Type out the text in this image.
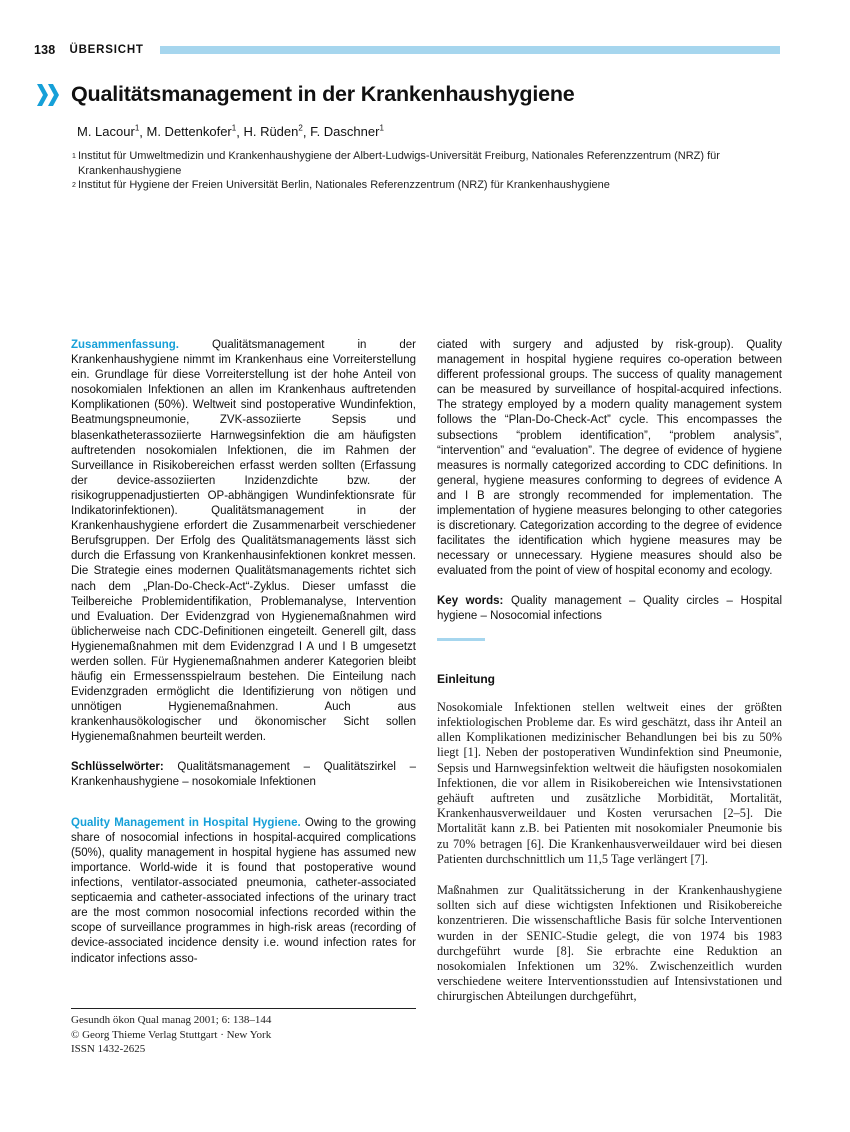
138 ÜBERSICHT
Qualitätsmanagement in der Krankenhaushygiene
M. Lacour$^1$, M. Dettenkofer$^1$, H. Rüden$^2$, F. Daschner$^1$
1 Institut für Umweltmedizin und Krankenhaushygiene der Albert-Ludwigs-Universität Freiburg, Nationales Referenzzentrum (NRZ) für Krankenhaushygiene
2 Institut für Hygiene der Freien Universität Berlin, Nationales Referenzzentrum (NRZ) für Krankenhaushygiene

Zusammenfassung.	Qualitätsmanagement in der Krankenhaushygiene nimmt im Krankenhaus eine Vorreiterstellung ein. Grundlage für diese Vorreiterstellung ist der hohe Anteil von nosokomialen Infektionen an allen im Krankenhaus auftretenden Komplikationen (50%). Weltweit sind postoperative Wundinfektion, Beatmungspneumonie, ZVK-assoziierte Sepsis und blasenkatheterassoziierte Harnwegsinfektion die am häufigsten auftretenden nosokomialen Infektionen, die im Rahmen der Surveillance in Risikobereichen erfasst werden sollten (Erfassung der device-assoziierten Inzidenzdichte bzw. der risikogruppenadjustierten OP-abhängigen Wundinfektionsrate für Indikatorinfektionen). Qualitätsmanagement in der Krankenhaushygiene erfordert die Zusammenarbeit verschiedener Berufsgruppen. Der Erfolg des Qualitätsmanagements lässt sich durch die Erfassung von Krankenhausinfektionen konkret messen. Die Strategie eines modernen Qualitätsmanagements richtet sich nach dem „Plan-Do-Check-Act“-Zyklus. Dieser umfasst die Teilbereiche Problemidentifikation, Problemanalyse, Intervention und Evaluation. Der Evidenzgrad von Hygienemaßnahmen wird üblicherweise nach CDC-Definitionen eingeteilt. Generell gilt, dass Hygienemaßnahmen mit dem Evidenzgrad I A und I B umgesetzt werden sollen. Für Hygienemaßnahmen anderer Kategorien bleibt häufig ein Ermessensspielraum bestehen. Die Einteilung nach Evidenzgraden ermöglicht die Identifizierung von nötigen und unnötigen Hygienemaßnahmen. Auch aus krankenhausökologischer und ökonomischer Sicht sollen Hygienemaßnahmen beurteilt werden.

Schlüsselwörter: Qualitätsmanagement – Qualitätszirkel – Krankenhaushygiene – nosokomiale Infektionen

Quality Management in Hospital Hygiene. Owing to the growing share of nosocomial infections in hospital-acquired complications (50%), quality management in hospital hygiene has assumed new importance. World-wide it is found that postoperative wound infections, ventilator-associated pneumonia, catheter-associated septicaemia and catheter-associated infections of the urinary tract are the most common nosocomial infections recorded within the scope of surveillance programmes in high-risk areas (recording of device-associated incidence density i.e. wound infection rates for indicator infections asso-

ciated with surgery and adjusted by risk-group). Quality management in hospital hygiene requires co-operation between different professional groups. The success of quality management can be measured by surveillance of hospital-acquired infections. The strategy employed by a modern quality management system follows the “Plan-Do-Check-Act” cycle. This encompasses the subsections “problem identification”, “problem analysis”, “intervention” and “evaluation”. The degree of evidence of hygiene measures is normally categorized according to CDC definitions. In general, hygiene measures conforming to degrees of evidence A and I B are strongly recommended for implementation. The implementation of hygiene measures belonging to other categories is discretionary. Categorization according to the degree of evidence facilitates the identification which hygiene measures may be necessary or unnecessary. Hygiene measures should also be evaluated from the point of view of hospital economy and ecology.

Key words: Quality management – Quality circles – Hospital hygiene – Nosocomial infections

Einleitung

Nosokomiale Infektionen stellen weltweit eines der größten infektiologischen Probleme dar. Es wird geschätzt, dass ihr Anteil an allen Komplikationen medizinischer Behandlungen bei bis zu 50% liegt [1]. Neben der postoperativen Wundinfektion sind Pneumonie, Sepsis und Harnwegsinfektion weltweit die häufigsten nosokomialen Infektionen, die vor allem in Risikobereichen wie Intensivstationen gehäuft auftreten und zusätzliche Morbidität, Mortalität, Krankenhausverweildauer und Kosten verursachen [2–5]. Die Mortalität kann z.B. bei Patienten mit nosokomialer Pneumonie bis zu 70% betragen [6]. Die Krankenhausverweildauer wird bei diesen Patienten durchschnittlich um 11,5 Tage verlängert [7].

Maßnahmen zur Qualitätssicherung in der Krankenhaushygiene sollten sich auf diese wichtigsten Infektionen und Risikobereiche konzentrieren. Die wissenschaftliche Basis für solche Interventionen wurden in der SENIC-Studie gelegt, die von 1974 bis 1983 durchgeführt wurde [8]. Sie erbrachte eine Reduktion an nosokomialen Infektionen um 32%. Zwischenzeitlich wurden verschiedene weitere Interventionsstudien auf Intensivstationen und chirurgischen Abteilungen durchgeführt,

Gesundh ökon Qual manag 2001; 6: 138–144
© Georg Thieme Verlag Stuttgart · New York
ISSN 1432-2625
